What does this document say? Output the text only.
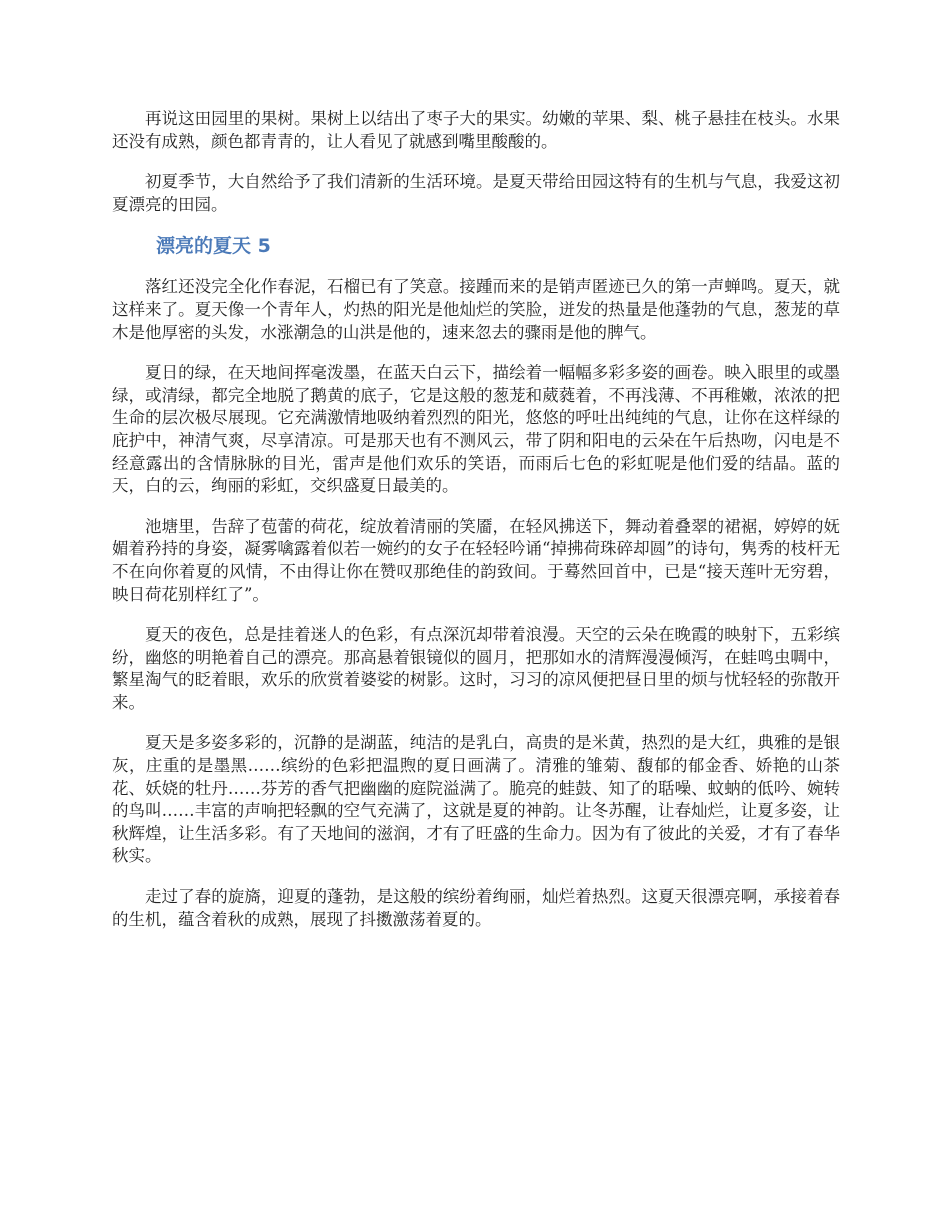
再说这田园里的果树。果树上以结出了枣子大的果实。幼嫩的苹果、梨、桃子悬挂在枝头。水果还没有成熟，颜色都青青的，让人看见了就感到嘴里酸酸的。

初夏季节，大自然给予了我们清新的生活环境。是夏天带给田园这特有的生机与气息，我爱这初夏漂亮的田园。

漂亮的夏天 5

落红还没完全化作春泥，石榴已有了笑意。接踵而来的是销声匿迹已久的第一声蝉鸣。夏天，就这样来了。夏天像一个青年人，灼热的阳光是他灿烂的笑脸，迸发的热量是他蓬勃的气息，葱茏的草木是他厚密的头发，水涨潮急的山洪是他的，速来忽去的骤雨是他的脾气。

夏日的绿，在天地间挥毫泼墨，在蓝天白云下，描绘着一幅幅多彩多姿的画卷。映入眼里的或墨绿，或清绿，都完全地脱了鹅黄的底子，它是这般的葱茏和葳蕤着，不再浅薄、不再稚嫩，浓浓的把生命的层次极尽展现。它充满激情地吸纳着烈烈的阳光，悠悠的呼吐出纯纯的气息，让你在这样绿的庇护中，神清气爽，尽享清凉。可是那天也有不测风云，带了阴和阳电的云朵在午后热吻，闪电是不经意露出的含情脉脉的目光，雷声是他们欢乐的笑语，而雨后七色的彩虹呢是他们爱的结晶。蓝的天，白的云，绚丽的彩虹，交织盛夏日最美的。

池塘里，告辞了苞蕾的荷花，绽放着清丽的笑靥，在轻风拂送下，舞动着叠翠的裙裾，婷婷的妩媚着矜持的身姿，凝雾噙露着似若一婉约的女子在轻轻吟诵“掉拂荷珠碎却圆”的诗句，隽秀的枝杆无不在向你着夏的风情，不由得让你在赞叹那绝佳的韵致间。于蓦然回首中，已是“接天莲叶无穷碧，映日荷花别样红了”。

夏天的夜色，总是挂着迷人的色彩，有点深沉却带着浪漫。天空的云朵在晚霞的映射下，五彩缤纷，幽悠的明艳着自己的漂亮。那高悬着银镜似的圆月，把那如水的清辉漫漫倾泻，在蛙鸣虫啁中，繁星淘气的眨着眼，欢乐的欣赏着婆娑的树影。这时，习习的凉风便把昼日里的烦与忧轻轻的弥散开来。

夏天是多姿多彩的，沉静的是湖蓝，纯洁的是乳白，高贵的是米黄，热烈的是大红，典雅的是银灰，庄重的是墨黑……缤纷的色彩把温煦的夏日画满了。清雅的雏菊、馥郁的郁金香、娇艳的山茶花、妖娆的牡丹……芬芳的香气把幽幽的庭院溢满了。脆亮的蛙鼓、知了的聒噪、蚊蚋的低吟、婉转的鸟叫……丰富的声响把轻飘的空气充满了，这就是夏的神韵。让冬苏醒，让春灿烂，让夏多姿，让秋辉煌，让生活多彩。有了天地间的滋润，才有了旺盛的生命力。因为有了彼此的关爱，才有了春华秋实。

走过了春的旋旖，迎夏的蓬勃，是这般的缤纷着绚丽，灿烂着热烈。这夏天很漂亮啊，承接着春的生机，蕴含着秋的成熟，展现了抖擞激荡着夏的。
